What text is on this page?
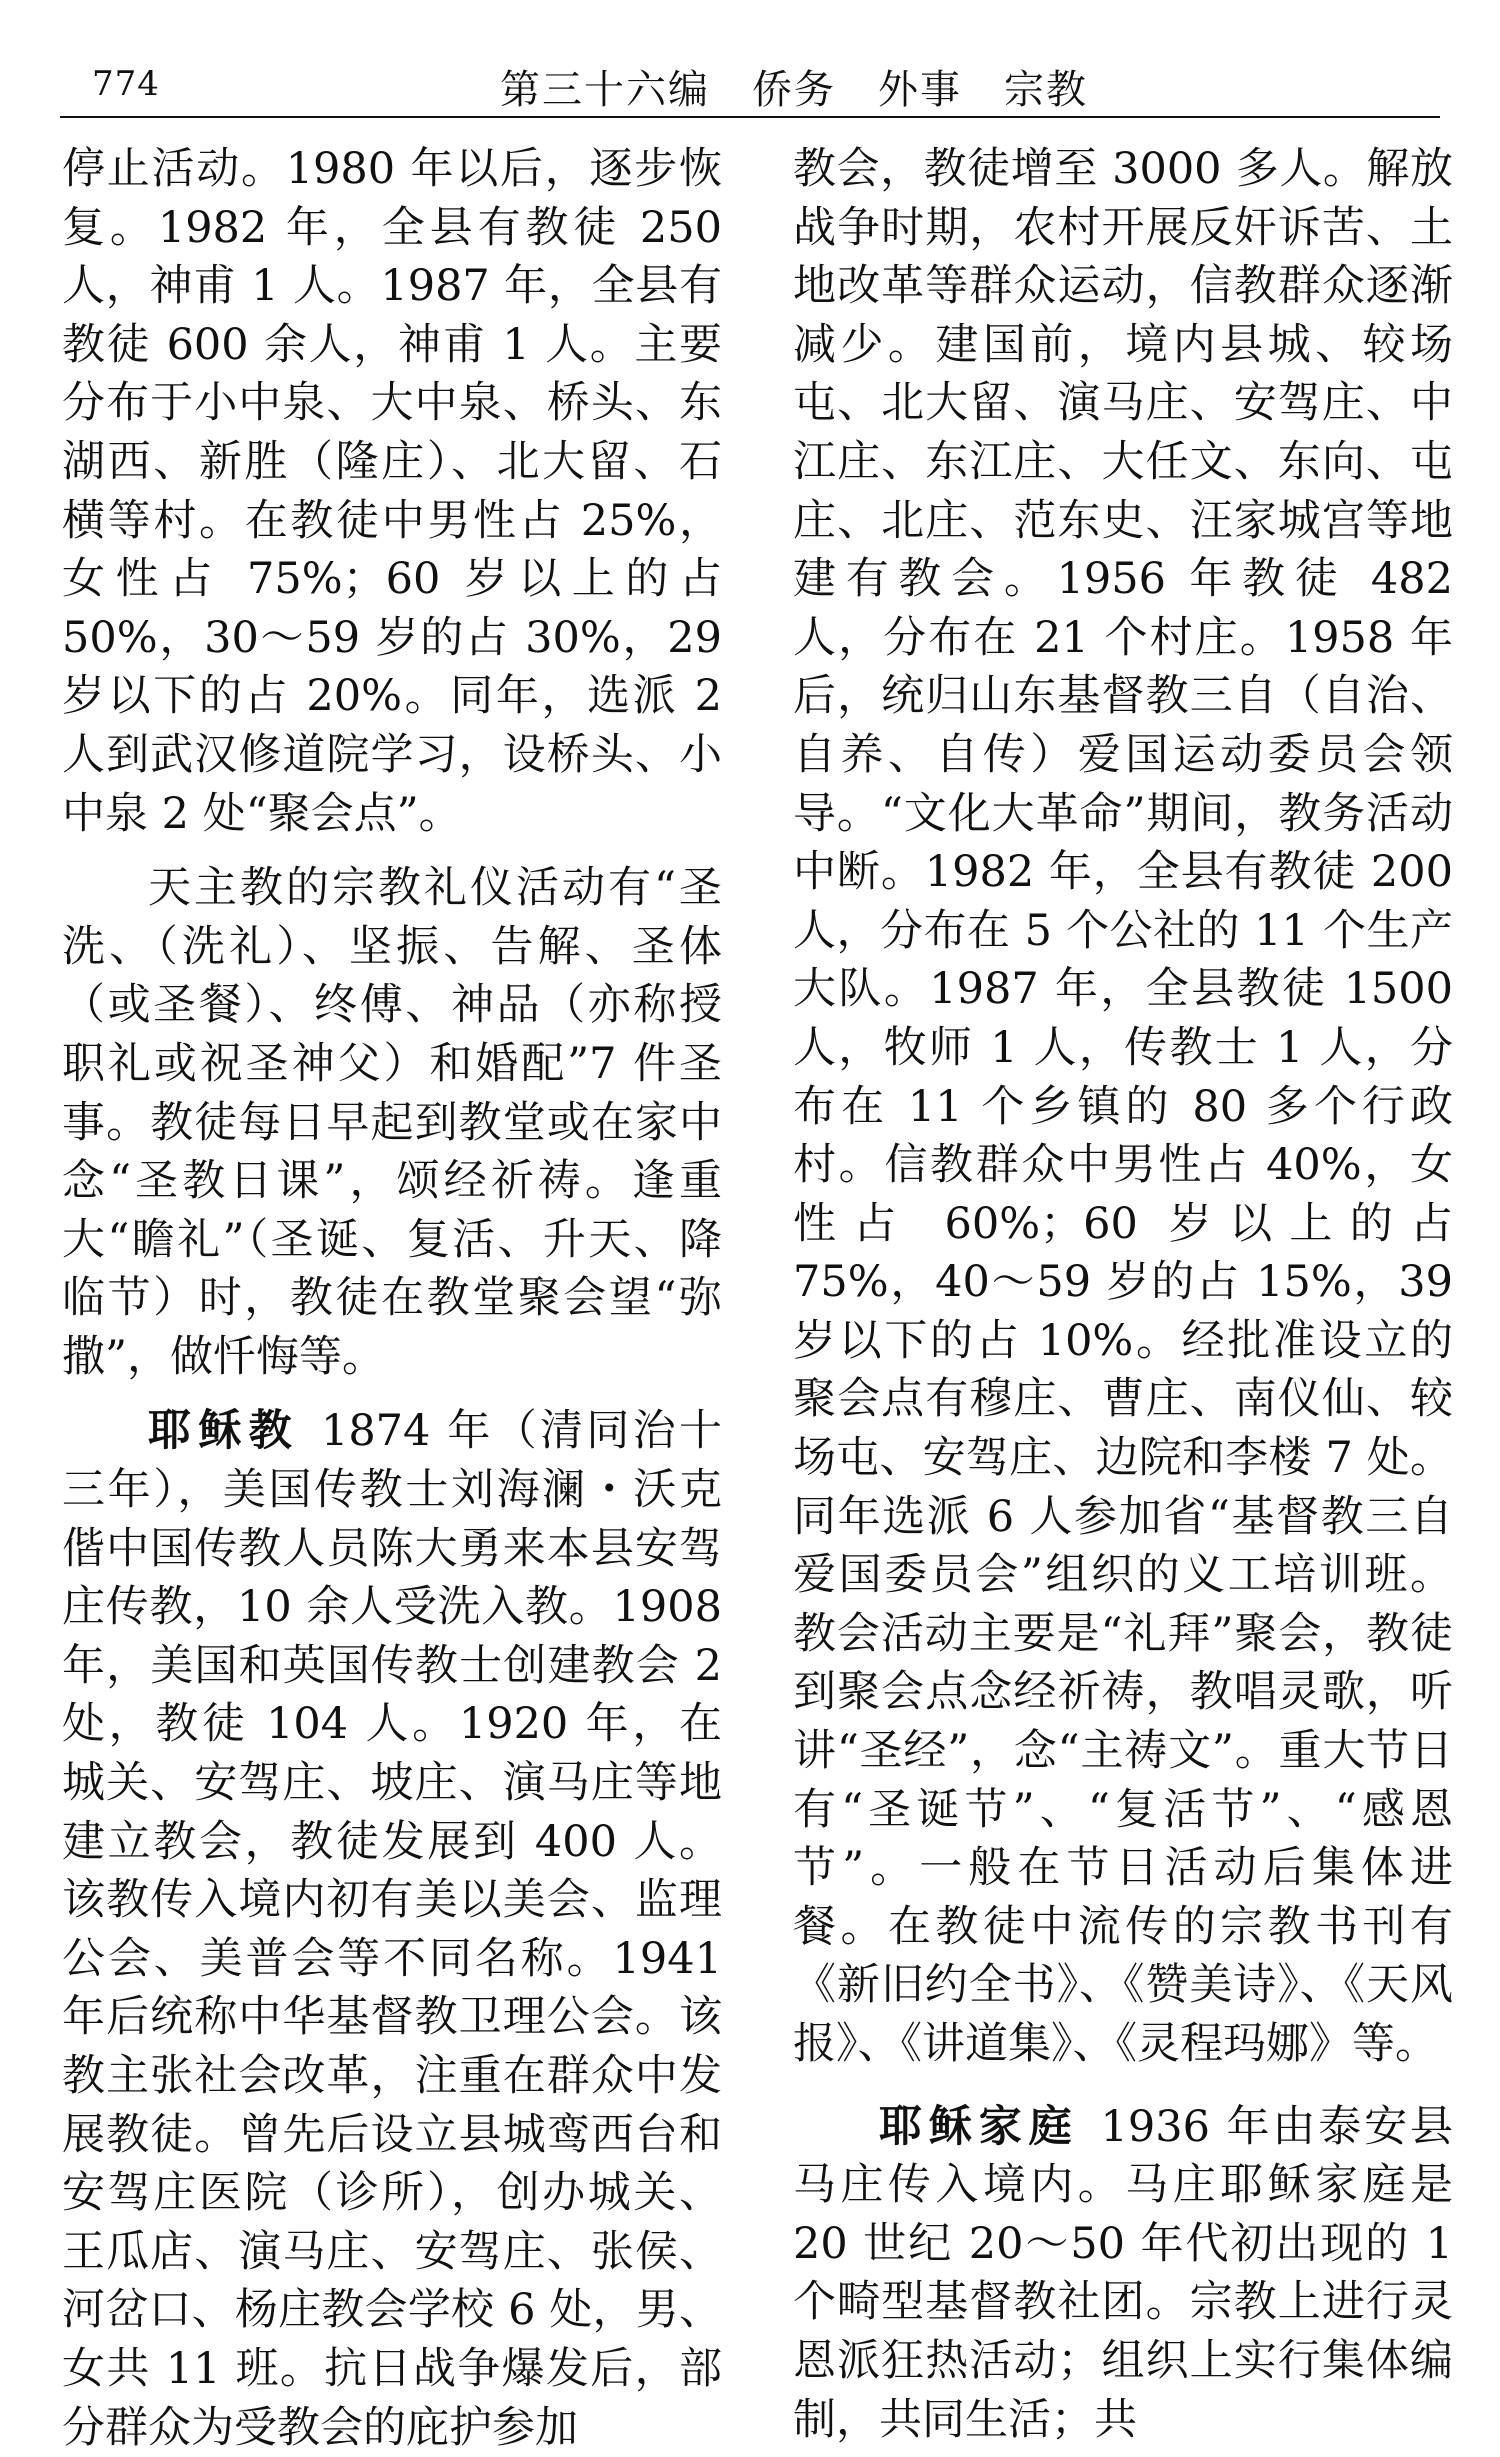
774	第三十六编　侨务　外事　宗教

停止活动。1980 年以后，逐步恢复。1982 年，全县有教徒 250 人，神甫 1 人。1987 年，全县有教徒 600 余人，神甫 1 人。主要分布于小中泉、大中泉、桥头、东湖西、新胜（隆庄）、北大留、石横等村。在教徒中男性占 25%，女性占 75%；60 岁以上的占 50%，30～59 岁的占 30%，29 岁以下的占 20%。同年，选派 2 人到武汉修道院学习，设桥头、小中泉 2 处“聚会点”。

天主教的宗教礼仪活动有“圣洗、（洗礼）、坚振、告解、圣体（或圣餐）、终傅、神品（亦称授职礼或祝圣神父）和婚配”7 件圣事。教徒每日早起到教堂或在家中念“圣教日课”，颂经祈祷。逢重大“瞻礼”（圣诞、复活、升天、降临节）时，教徒在教堂聚会望“弥撒”，做忏悔等。

耶稣教 1874 年（清同治十三年），美国传教士刘海澜・沃克偕中国传教人员陈大勇来本县安驾庄传教，10 余人受洗入教。1908 年，美国和英国传教士创建教会 2 处，教徒 104 人。1920 年，在城关、安驾庄、坡庄、演马庄等地建立教会，教徒发展到 400 人。该教传入境内初有美以美会、监理公会、美普会等不同名称。1941 年后统称中华基督教卫理公会。该教主张社会改革，注重在群众中发展教徒。曾先后设立县城鸾西台和安驾庄医院（诊所），创办城关、王瓜店、演马庄、安驾庄、张侯、河岔口、杨庄教会学校 6 处，男、女共 11 班。抗日战争爆发后，部分群众为受教会的庇护参加

教会，教徒增至 3000 多人。解放战争时期，农村开展反奸诉苦、土地改革等群众运动，信教群众逐渐减少。建国前，境内县城、较场屯、北大留、演马庄、安驾庄、中江庄、东江庄、大任文、东向、屯庄、北庄、范东史、汪家城宫等地建有教会。1956 年教徒 482 人，分布在 21 个村庄。1958 年后，统归山东基督教三自（自治、自养、自传）爱国运动委员会领导。“文化大革命”期间，教务活动中断。1982 年，全县有教徒 200 人，分布在 5 个公社的 11 个生产大队。1987 年，全县教徒 1500 人，牧师 1 人，传教士 1 人，分布在 11 个乡镇的 80 多个行政村。信教群众中男性占 40%，女性占 60%；60 岁以上的占 75%，40～59 岁的占 15%，39 岁以下的占 10%。经批准设立的聚会点有穆庄、曹庄、南仪仙、较场屯、安驾庄、边院和李楼 7 处。同年选派 6 人参加省“基督教三自爱国委员会”组织的义工培训班。教会活动主要是“礼拜”聚会，教徒到聚会点念经祈祷，教唱灵歌，听讲“圣经”，念“主祷文”。重大节日有“圣诞节”、“复活节”、“感恩节”。一般在节日活动后集体进餐。在教徒中流传的宗教书刊有《新旧约全书》、《赞美诗》、《天风报》、《讲道集》、《灵程玛娜》等。

耶稣家庭 1936 年由泰安县马庄传入境内。马庄耶稣家庭是 20 世纪 20～50 年代初出现的 1 个畸型基督教社团。宗教上进行灵恩派狂热活动；组织上实行集体编制，共同生活；共
